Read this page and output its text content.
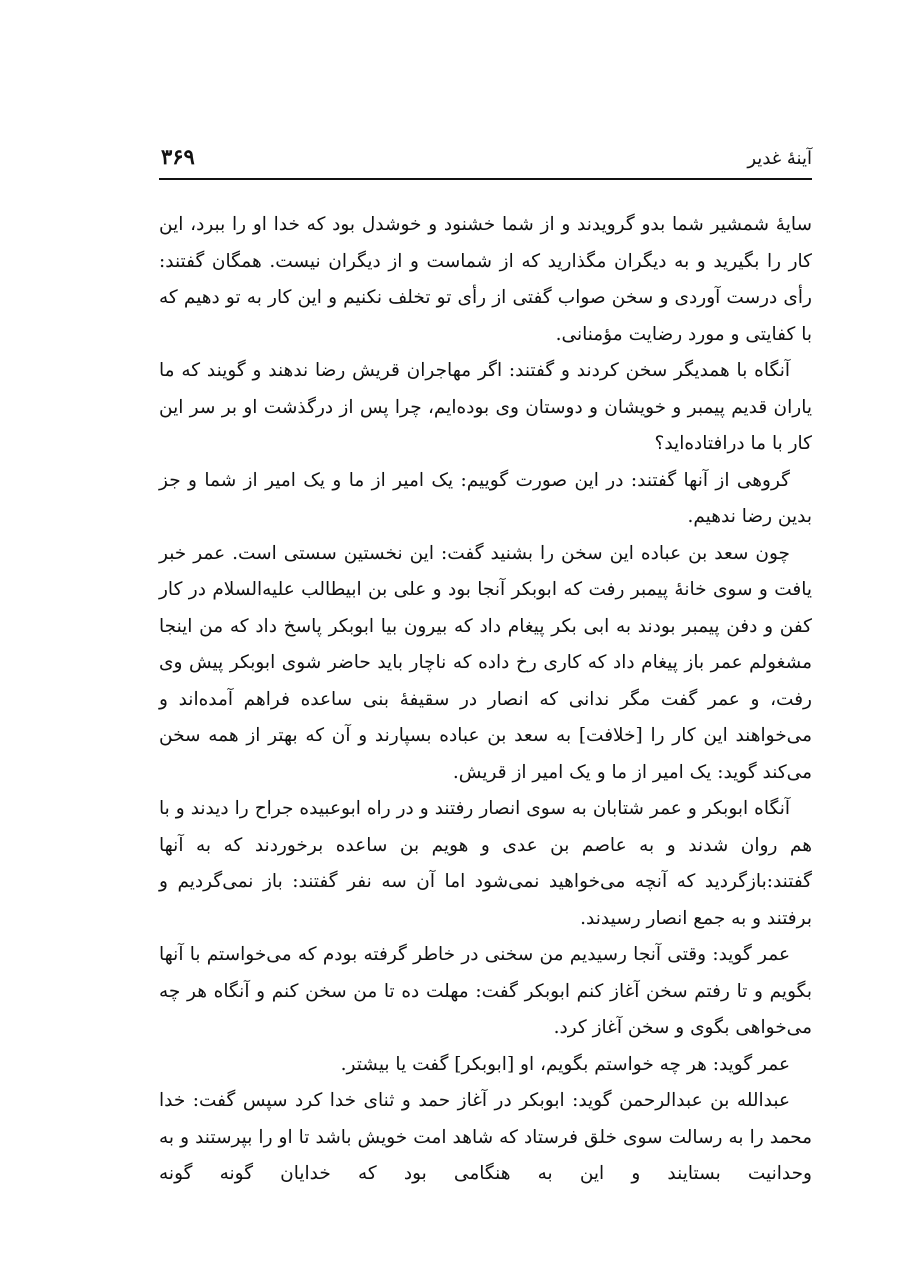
آینهٔ غدیر
۳۶۹

سایهٔ شمشیر شما بدو گرویدند و از شما خشنود و خوشدل بود که خدا او را ببرد، این کار را بگیرید و به دیگران مگذارید که از شماست و از دیگران نیست. همگان گفتند: رأی درست آوردی و سخن صواب گفتی از رأی تو تخلف نکنیم و این کار به تو دهیم که با کفایتی و مورد رضایت مؤمنانی.

آنگاه با همدیگر سخن کردند و گفتند: اگر مهاجران قریش رضا ندهند و گویند که ما یاران قدیم پیمبر و خویشان و دوستان وی بوده‌ایم، چرا پس از درگذشت او بر سر این کار با ما درافتاده‌اید؟

گروهی از آنها گفتند: در این صورت گوییم: یک امیر از ما و یک امیر از شما و جز بدین رضا ندهیم.

چون سعد بن عباده این سخن را بشنید گفت: این نخستین سستی است. عمر خبر یافت و سوی خانهٔ پیمبر رفت که ابوبکر آنجا بود و علی بن ابیطالب علیه‌السلام در کار کفن و دفن پیمبر بودند به ابی بکر پیغام داد که بیرون بیا ابوبکر پاسخ داد که من اینجا مشغولم عمر باز پیغام داد که کاری رخ داده که ناچار باید حاضر شوی ابوبکر پیش وی رفت، و عمر گفت مگر ندانی که انصار در سقیفهٔ بنی ساعده فراهم آمده‌اند و می‌خواهند این کار را [خلافت] به سعد بن عباده بسپارند و آن که بهتر از همه سخن می‌کند گوید: یک امیر از ما و یک امیر از قریش.

آنگاه ابوبکر و عمر شتابان به سوی انصار رفتند و در راه ابوعبیده جراح را دیدند و با هم روان شدند و به عاصم بن عدی و هویم بن ساعده برخوردند که به آنها گفتند:بازگردید که آنچه می‌خواهید نمی‌شود اما آن سه نفر گفتند: باز نمی‌گردیم و برفتند و به جمع انصار رسیدند.

عمر گوید: وقتی آنجا رسیدیم من سخنی در خاطر گرفته بودم که می‌خواستم با آنها بگویم و تا رفتم سخن آغاز کنم ابوبکر گفت: مهلت ده تا من سخن کنم و آنگاه هر چه می‌خواهی بگوی و سخن آغاز کرد.

عمر گوید: هر چه خواستم بگویم، او [ابوبکر] گفت یا بیشتر.

عبدالله بن عبدالرحمن گوید: ابوبکر در آغاز حمد و ثنای خدا کرد سپس گفت: خدا محمد را به رسالت سوی خلق فرستاد که شاهد امت خویش باشد تا او را بپرستند و به وحدانیت بستایند و این به هنگامی بود که خدایان گونه گونه
